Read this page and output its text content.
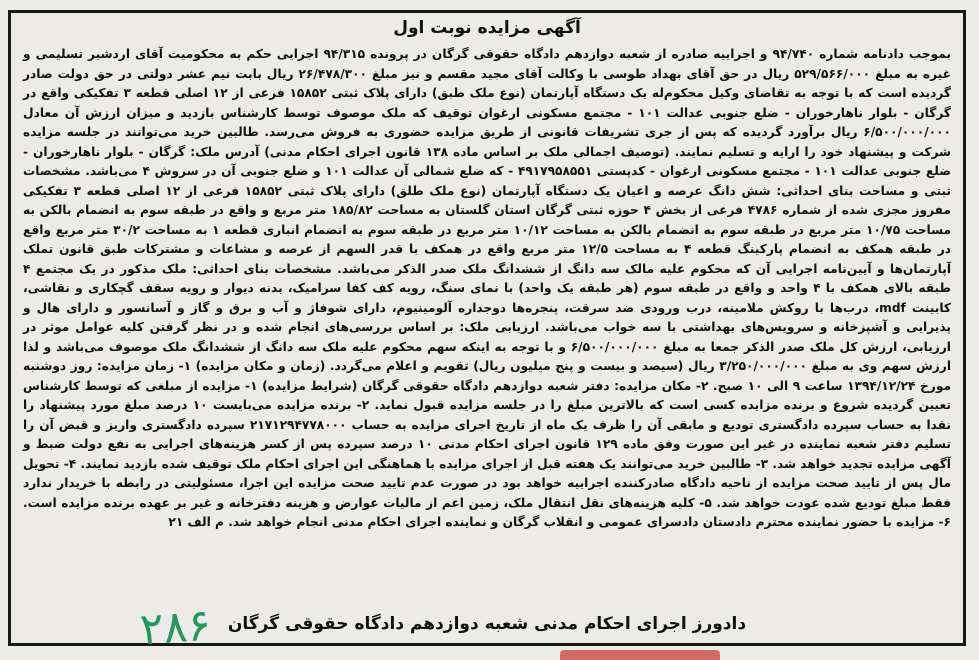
آگهی مزایده نوبت اول

بموجب دادنامه شماره ۹۴/۷۴۰ و اجراییه صادره از شعبه دوازدهم دادگاه حقوقی گرگان در پرونده ۹۴/۳۱۵ اجرایی حکم به محکومیت آقای اردشیر تسلیمی و غیره به مبلغ ۵۲۹/۵۶۶/۰۰۰ ریال در حق آقای بهداد طوسی با وکالت آقای مجید مقسم و نیز مبلغ ۲۶/۴۷۸/۳۰۰ ریال بابت نیم عشر دولتی در حق دولت صادر گردیده است که با توجه به تقاضای وکیل محکوم‌له یک دستگاه آپارتمان (نوع ملک طبق) دارای پلاک ثبتی ۱۵۸۵۲ فرعی از ۱۲ اصلی قطعه ۳ تفکیکی واقع در گرگان - بلوار ناهارخوران - ضلع جنوبی عدالت ۱۰۱ - مجتمع مسکونی ارغوان توقیف که ملک موصوف توسط کارشناس بازدید و میزان ارزش آن معادل ۶/۵۰۰/۰۰۰/۰۰۰ ریال برآورد گردیده که پس از جری تشریفات قانونی از طریق مزایده حضوری به فروش می‌رسد. طالبین خرید می‌توانند در جلسه مزایده شرکت و پیشنهاد خود را ارایه و تسلیم نمایند. (توصیف اجمالی ملک بر اساس ماده ۱۳۸ قانون اجرای احکام مدنی) آدرس ملک: گرگان - بلوار ناهارخوران - ضلع جنوبی عدالت ۱۰۱ - مجتمع مسکونی ارغوان - کدپستی ۴۹۱۷۹۵۸۵۵۱ - که ضلع شمالی آن عدالت ۱۰۱ و ضلع جنوبی آن در سروش ۴ می‌باشد. مشخصات ثبتی و مساحت بنای احداثی: شش دانگ عرصه و اعیان یک دستگاه آپارتمان (نوع ملک طلق) دارای پلاک ثبتی ۱۵۸۵۲ فرعی از ۱۲ اصلی قطعه ۳ تفکیکی مفروز مجزی شده از شماره ۴۷۸۶ فرعی از بخش ۴ حوزه ثبتی گرگان استان گلستان به مساحت ۱۸۵/۸۲ متر مربع و واقع در طبقه سوم به انضمام بالکن به مساحت ۱۰/۷۵ متر مربع در طبقه سوم به انضمام بالکن به مساحت ۱۰/۱۲ متر مربع در طبقه سوم به انضمام انباری قطعه ۱ به مساحت ۳۰/۲ متر مربع واقع در طبقه همکف به انضمام پارکینگ قطعه ۴ به مساحت ۱۲/۵ متر مربع واقع در همکف با قدر السهم از عرصه و مشاعات و مشترکات طبق قانون تملک آپارتمان‌ها و آیین‌نامه اجرایی آن که محکوم علیه مالک سه دانگ از ششدانگ ملک صدر الذکر می‌باشد. مشخصات بنای احداثی: ملک مذکور در یک مجتمع ۴ طبقه بالای همکف با ۴ واحد و واقع در طبقه سوم (هر طبقه یک واحد) با نمای سنگ، رویه کف کفا سرامیک، بدنه دیوار و رویه سقف گچکاری و نقاشی، کابینت mdf، درب‌ها با روکش ملامینه، درب ورودی ضد سرقت، پنجره‌ها دوجداره آلومینیوم، دارای شوفاژ و آب و برق و گاز و آسانسور و دارای هال و پذیرایی و آشپزخانه و سرویس‌های بهداشتی با سه خواب می‌باشد. ارزیابی ملک: بر اساس بررسی‌های انجام شده و در نظر گرفتن کلیه عوامل موثر در ارزیابی، ارزش کل ملک صدر الذکر جمعا به مبلغ ۶/۵۰۰/۰۰۰/۰۰۰ و با توجه به اینکه سهم محکوم علیه ملک سه دانگ از ششدانگ ملک موصوف می‌باشد و لذا ارزش سهم وی به مبلغ ۳/۲۵۰/۰۰۰/۰۰۰ ریال (سیصد و بیست و پنج میلیون ریال) تقویم و اعلام می‌گردد. (زمان و مکان مزایده) ۱- زمان مزایده: روز دوشنبه مورخ ۱۳۹۴/۱۲/۲۴ ساعت ۹ الی ۱۰ صبح. ۲- مکان مزایده: دفتر شعبه دوازدهم دادگاه حقوقی گرگان (شرایط مزایده) ۱- مزایده از مبلغی که توسط کارشناس تعیین گردیده شروع و برنده مزایده کسی است که بالاترین مبلغ را در جلسه مزایده قبول نماید. ۲- برنده مزایده می‌بایست ۱۰ درصد مبلغ مورد پیشنهاد را نقدا به حساب سپرده دادگستری تودیع و مابقی آن را ظرف یک ماه از تاریخ اجرای مزایده به حساب ۲۱۷۱۲۹۴۷۷۸۰۰۰ سپرده دادگستری واریز و قبض آن را تسلیم دفتر شعبه نماینده در غیر این صورت وفق ماده ۱۲۹ قانون اجرای احکام مدنی ۱۰ درصد سپرده پس از کسر هزینه‌های اجرایی به نفع دولت ضبط و آگهی مزایده تجدید خواهد شد. ۳- طالبین خرید می‌توانند یک هفته قبل از اجرای مزایده با هماهنگی این اجرای احکام ملک توقیف شده بازدید نمایند. ۴- تحویل مال پس از تایید صحت مزایده از ناحیه دادگاه صادرکننده اجراییه خواهد بود در صورت عدم تایید صحت مزایده این اجرا، مسئولیتی در رابطه با خریدار ندارد فقط مبلغ تودیع شده عودت خواهد شد. ۵- کلیه هزینه‌های نقل انتقال ملک، زمین اعم از مالیات عوارض و هزینه دفترخانه و غیر بر عهده برنده مزایده است. ۶- مزایده با حضور نماینده محترم دادستان دادسرای عمومی و انقلاب گرگان و نماینده اجرای احکام مدنی انجام خواهد شد. م الف ۲۱

دادورز اجرای احکام مدنی شعبه دوازدهم دادگاه حقوقی گرگان
۲۸۶
